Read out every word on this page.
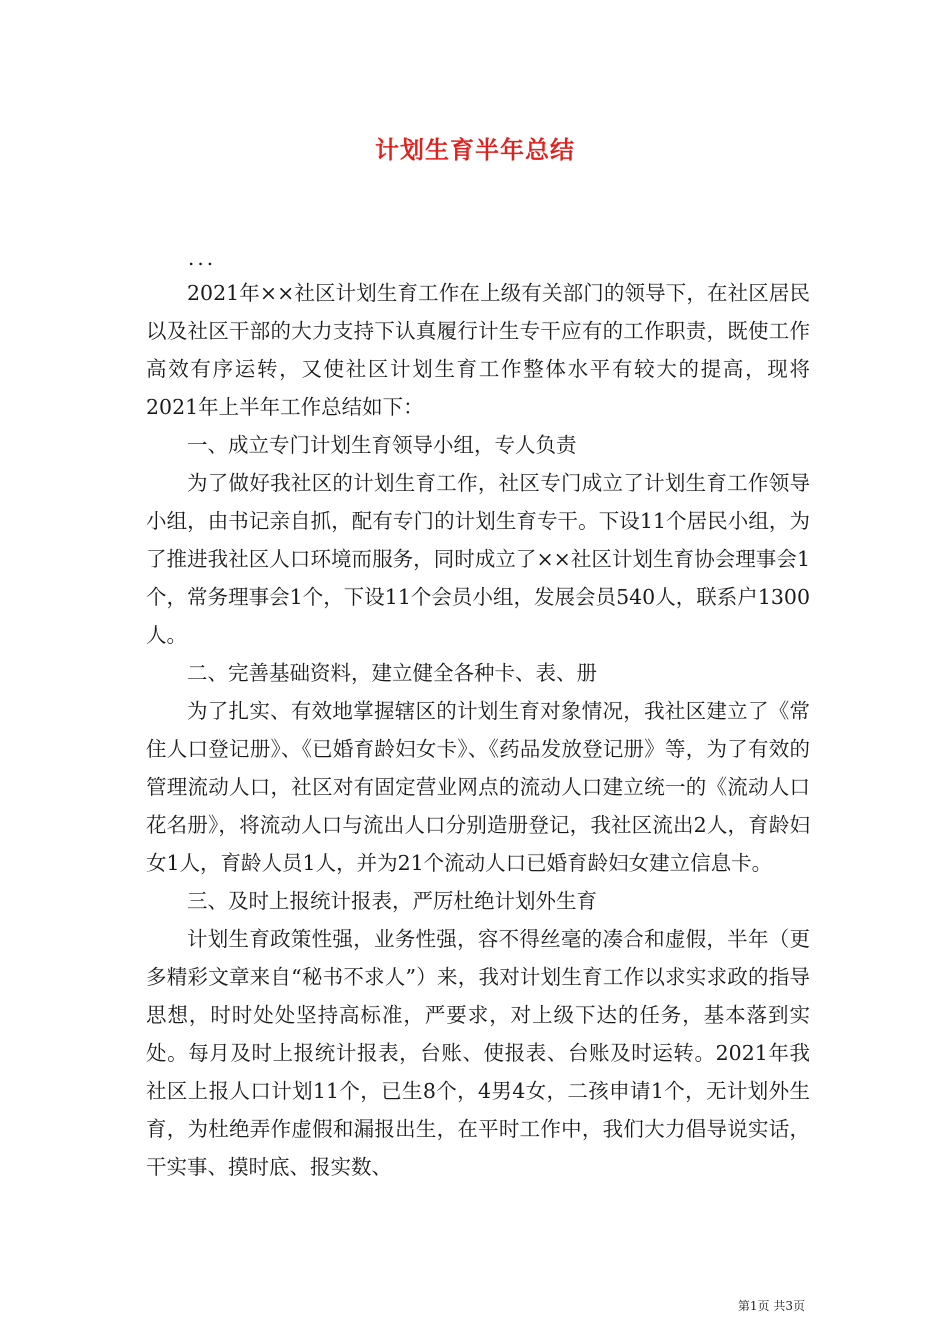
计划生育半年总结
...

2021年××社区计划生育工作在上级有关部门的领导下，在社区居民以及社区干部的大力支持下认真履行计生专干应有的工作职责，既使工作高效有序运转，又使社区计划生育工作整体水平有较大的提高，现将2021年上半年工作总结如下：

一、成立专门计划生育领导小组，专人负责

为了做好我社区的计划生育工作，社区专门成立了计划生育工作领导小组，由书记亲自抓，配有专门的计划生育专干。下设11个居民小组，为了推进我社区人口环境而服务，同时成立了××社区计划生育协会理事会1个，常务理事会1个，下设11个会员小组，发展会员540人，联系户1300人。

二、完善基础资料，建立健全各种卡、表、册

为了扎实、有效地掌握辖区的计划生育对象情况，我社区建立了《常住人口登记册》、《已婚育龄妇女卡》、《药品发放登记册》等，为了有效的管理流动人口，社区对有固定营业网点的流动人口建立统一的《流动人口花名册》，将流动人口与流出人口分别造册登记，我社区流出2人，育龄妇女1人，育龄人员1人，并为21个流动人口已婚育龄妇女建立信息卡。

三、及时上报统计报表，严厉杜绝计划外生育

计划生育政策性强，业务性强，容不得丝毫的凑合和虚假，半年（更多精彩文章来自“秘书不求人”）来，我对计划生育工作以求实求政的指导思想，时时处处坚持高标准，严要求，对上级下达的任务，基本落到实处。每月及时上报统计报表，台账、使报表、台账及时运转。2021年我社区上报人口计划11个，已生8个，4男4女，二孩申请1个，无计划外生育，为杜绝弄作虚假和漏报出生，在平时工作中，我们大力倡导说实话，干实事、摸时底、报实数、

第1页 共3页
